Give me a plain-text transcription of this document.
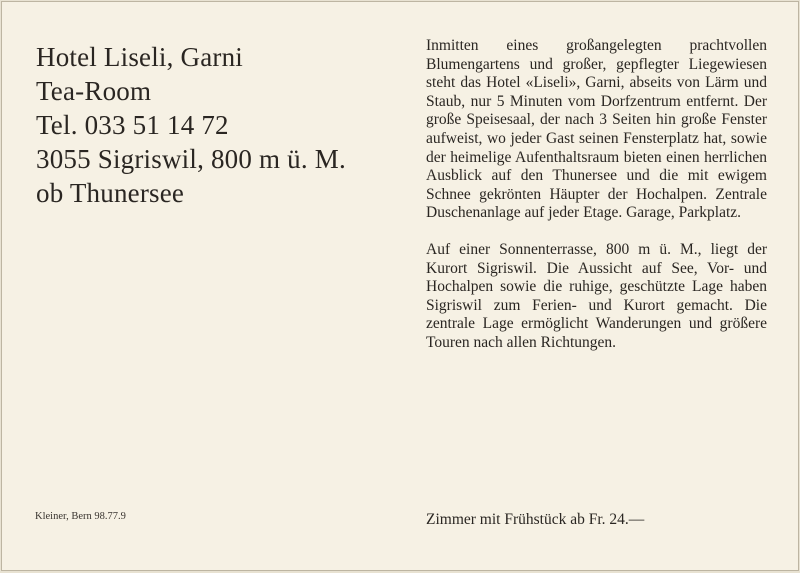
Hotel Liseli, Garni
Tea-Room
Tel. 033 51 14 72
3055 Sigriswil, 800 m ü. M.
ob Thunersee
Kleiner, Bern 98.77.9

Inmitten eines großangelegten prachtvollen Blumengartens und großer, gepflegter Liegewiesen steht das Hotel «Liseli», Garni, abseits von Lärm und Staub, nur 5 Minuten vom Dorfzentrum entfernt. Der große Speisesaal, der nach 3 Seiten hin große Fenster aufweist, wo jeder Gast seinen Fensterplatz hat, sowie der heimelige Aufenthaltsraum bieten einen herrlichen Ausblick auf den Thunersee und die mit ewigem Schnee gekrönten Häupter der Hochalpen. Zentrale Duschenanlage auf jeder Etage. Garage, Parkplatz.

Auf einer Sonnenterrasse, 800 m ü. M., liegt der Kurort Sigriswil. Die Aussicht auf See, Vor- und Hochalpen sowie die ruhige, geschützte Lage haben Sigriswil zum Ferien- und Kurort gemacht. Die zentrale Lage ermöglicht Wanderungen und größere Touren nach allen Richtungen.

Zimmer mit Frühstück ab Fr. 24.—
